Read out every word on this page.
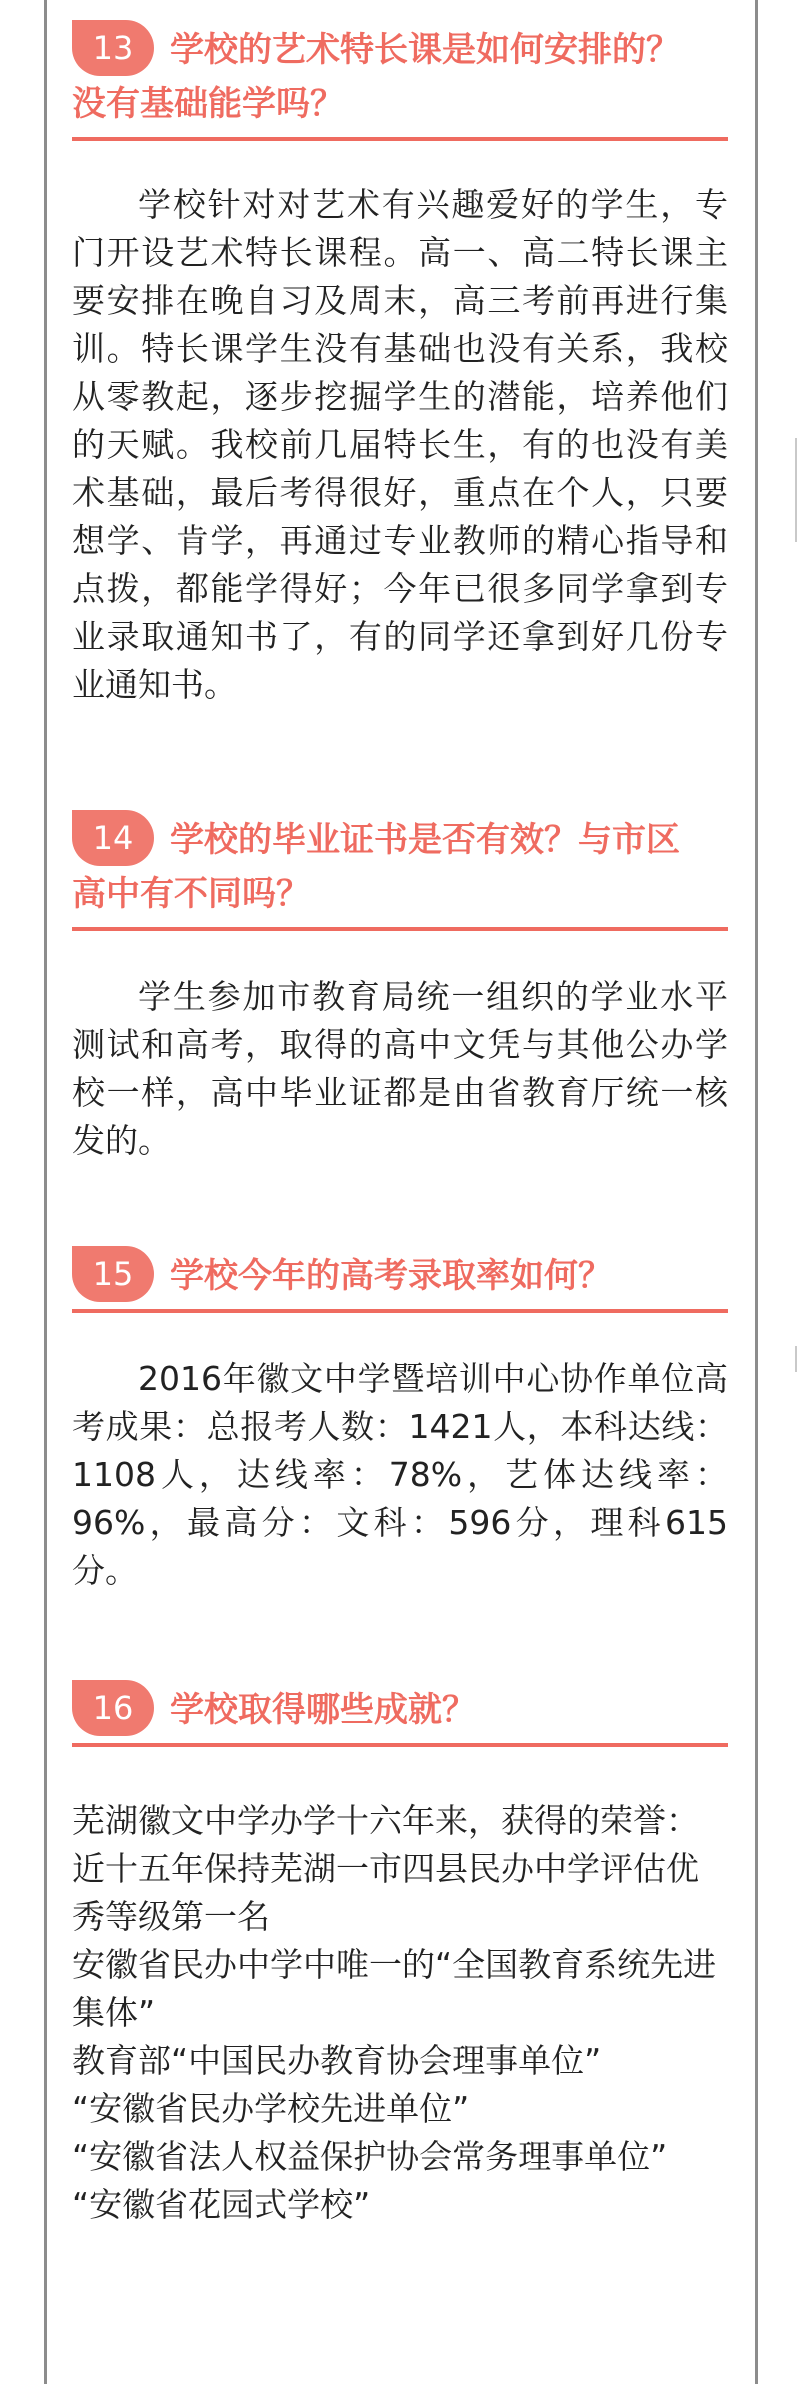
13	学校的艺术特长课是如何安排的？
没有基础能学吗？
学校针对对艺术有兴趣爱好的学生，专门开设艺术特长课程。高一、高二特长课主要安排在晚自习及周末，高三考前再进行集训。特长课学生没有基础也没有关系，我校从零教起，逐步挖掘学生的潜能，培养他们的天赋。我校前几届特长生，有的也没有美术基础，最后考得很好，重点在个人，只要想学、肯学，再通过专业教师的精心指导和点拨，都能学得好；今年已很多同学拿到专业录取通知书了，有的同学还拿到好几份专业通知书。
14	学校的毕业证书是否有效？与市区
高中有不同吗？
学生参加市教育局统一组织的学业水平测试和高考，取得的高中文凭与其他公办学校一样，高中毕业证都是由省教育厅统一核发的。
15	学校今年的高考录取率如何？
2016年徽文中学暨培训中心协作单位高考成果：总报考人数：1421人，本科达线：1108人，达线率：78%，艺体达线率：96%，最高分：文科：596分，理科615分。
16	学校取得哪些成就？
芜湖徽文中学办学十六年来，获得的荣誉：
近十五年保持芜湖一市四县民办中学评估优秀等级第一名
安徽省民办中学中唯一的“全国教育系统先进集体”
教育部“中国民办教育协会理事单位”
“安徽省民办学校先进单位”
“安徽省法人权益保护协会常务理事单位”
“安徽省花园式学校”
